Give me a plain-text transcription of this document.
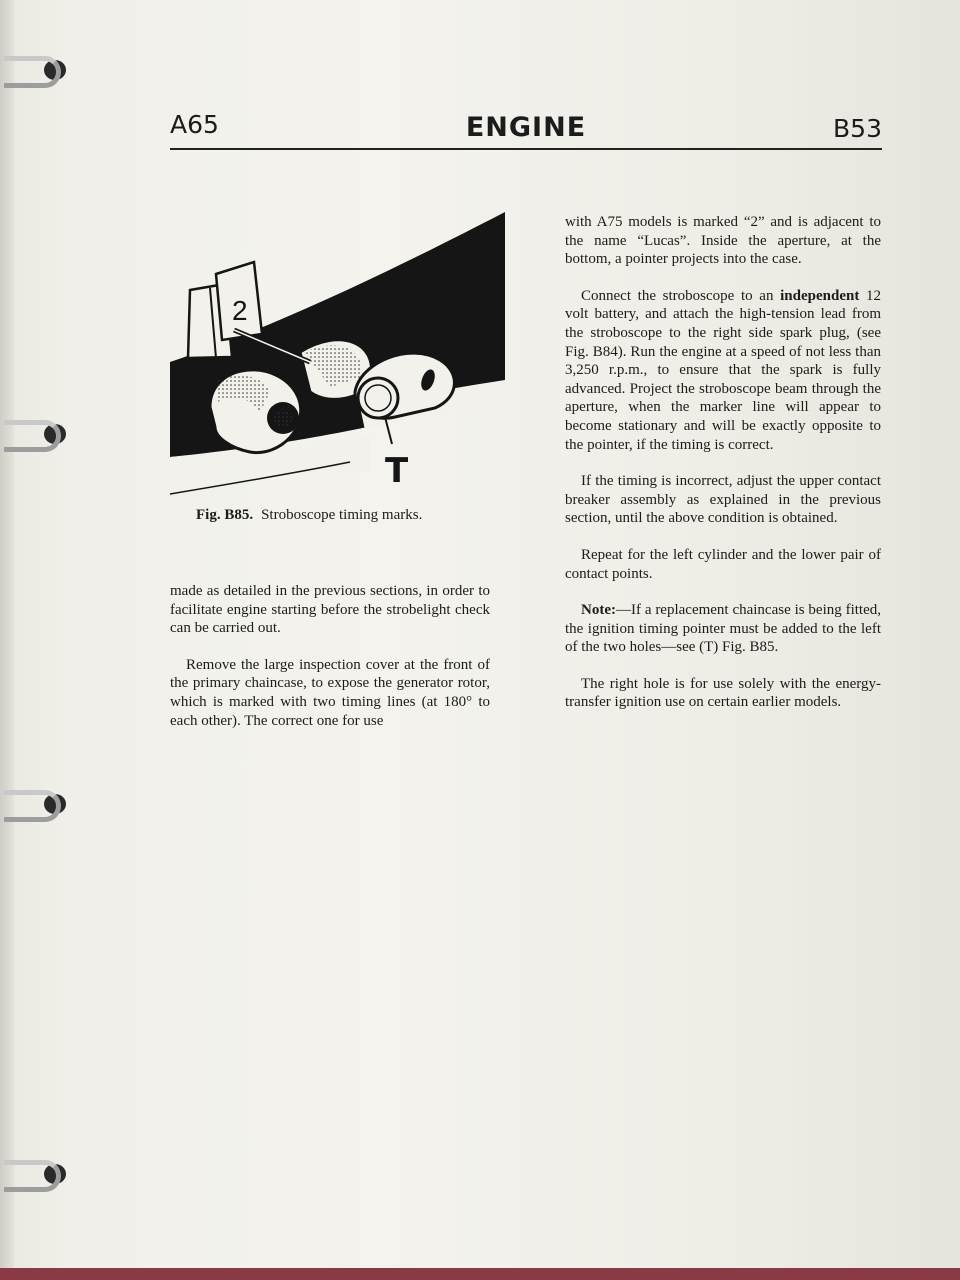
A65	ENGINE	B53
2
T
Fig. B85. Stroboscope timing marks.

made as detailed in the previous sections, in order to facilitate engine starting before the strobelight check can be carried out.

Remove the large inspection cover at the front of the primary chaincase, to expose the generator rotor, which is marked with two timing lines (at 180° to each other). The correct one for use

with A75 models is marked “2” and is adjacent to the name “Lucas”. Inside the aperture, at the bottom, a pointer projects into the case.

Connect the stroboscope to an independent 12 volt battery, and attach the high-tension lead from the stroboscope to the right side spark plug, (see Fig. B84). Run the engine at a speed of not less than 3,250 r.p.m., to ensure that the spark is fully advanced. Project the stroboscope beam through the aperture, when the marker line will appear to become stationary and will be exactly opposite to the pointer, if the timing is correct.

If the timing is incorrect, adjust the upper contact breaker assembly as explained in the previous section, until the above condition is obtained.

Repeat for the left cylinder and the lower pair of contact points.

Note:—If a replacement chaincase is being fitted, the ignition timing pointer must be added to the left of the two holes—see (T) Fig. B85.

The right hole is for use solely with the energy-transfer ignition use on certain earlier models.
